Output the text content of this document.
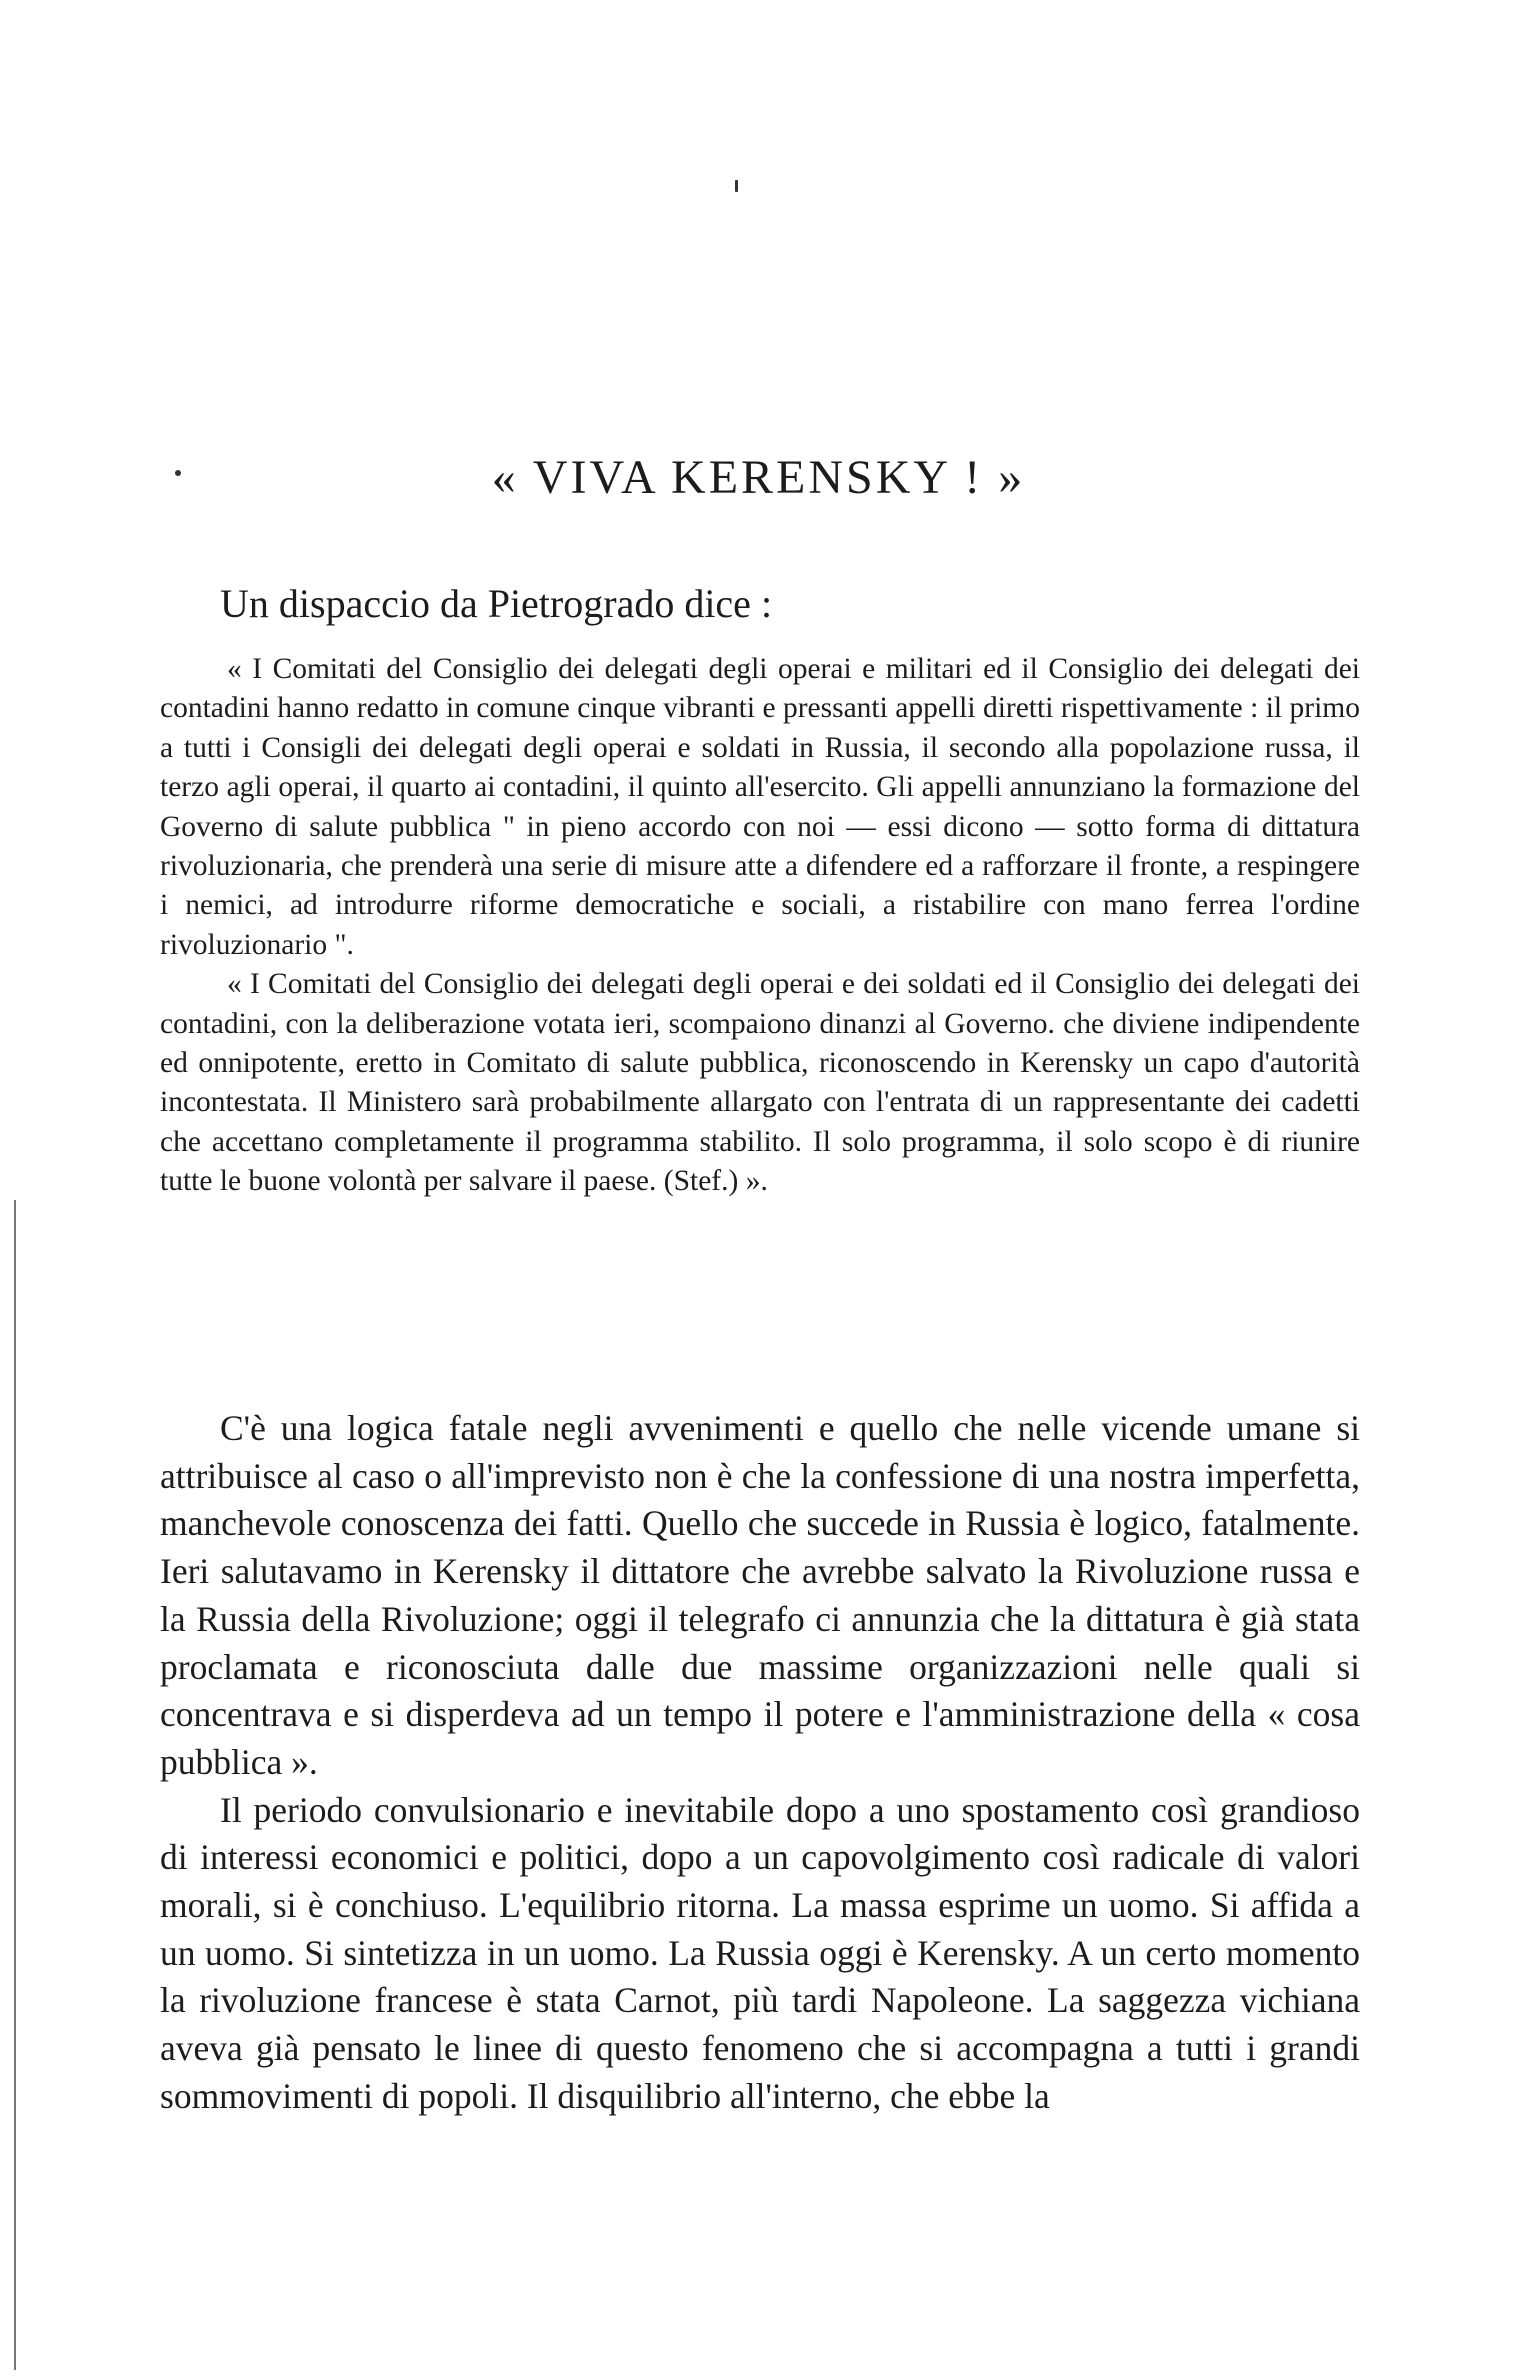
« VIVA KERENSKY ! »

Un dispaccio da Pietrogrado dice :

« I Comitati del Consiglio dei delegati degli operai e militari ed il Consiglio dei delegati dei contadini hanno redatto in comune cinque vibranti e pressanti appelli diretti rispettivamente : il primo a tutti i Consigli dei delegati degli operai e soldati in Russia, il secondo alla popolazione russa, il terzo agli operai, il quarto ai contadini, il quinto all'esercito. Gli appelli annunziano la formazione del Governo di salute pubblica " in pieno accordo con noi — essi dicono — sotto forma di dittatura rivoluzionaria, che prenderà una serie di misure atte a difendere ed a rafforzare il fronte, a respingere i nemici, ad introdurre riforme democratiche e sociali, a ristabilire con mano ferrea l'ordine rivoluzionario ".

« I Comitati del Consiglio dei delegati degli operai e dei soldati ed il Consiglio dei delegati dei contadini, con la deliberazione votata ieri, scompaiono dinanzi al Governo. che diviene indipendente ed onnipotente, eretto in Comitato di salute pubblica, riconoscendo in Kerensky un capo d'autorità incontestata. Il Ministero sarà probabilmente allargato con l'entrata di un rappresentante dei cadetti che accettano completamente il programma stabilito. Il solo programma, il solo scopo è di riunire tutte le buone volontà per salvare il paese. (Stef.) ».

C'è una logica fatale negli avvenimenti e quello che nelle vicende umane si attribuisce al caso o all'imprevisto non è che la confessione di una nostra imperfetta, manchevole conoscenza dei fatti. Quello che succede in Russia è logico, fatalmente. Ieri salutavamo in Kerensky il dittatore che avrebbe salvato la Rivoluzione russa e la Russia della Rivoluzione; oggi il telegrafo ci annunzia che la dittatura è già stata proclamata e riconosciuta dalle due massime organizzazioni nelle quali si concentrava e si disperdeva ad un tempo il potere e l'amministrazione della « cosa pubblica ».

Il periodo convulsionario e inevitabile dopo a uno spostamento così grandioso di interessi economici e politici, dopo a un capovolgimento così radicale di valori morali, si è conchiuso. L'equilibrio ritorna. La massa esprime un uomo. Si affida a un uomo. Si sintetizza in un uomo. La Russia oggi è Kerensky. A un certo momento la rivoluzione francese è stata Carnot, più tardi Napoleone. La saggezza vichiana aveva già pensato le linee di questo fenomeno che si accompagna a tutti i grandi sommovimenti di popoli. Il disquilibrio all'interno, che ebbe la
